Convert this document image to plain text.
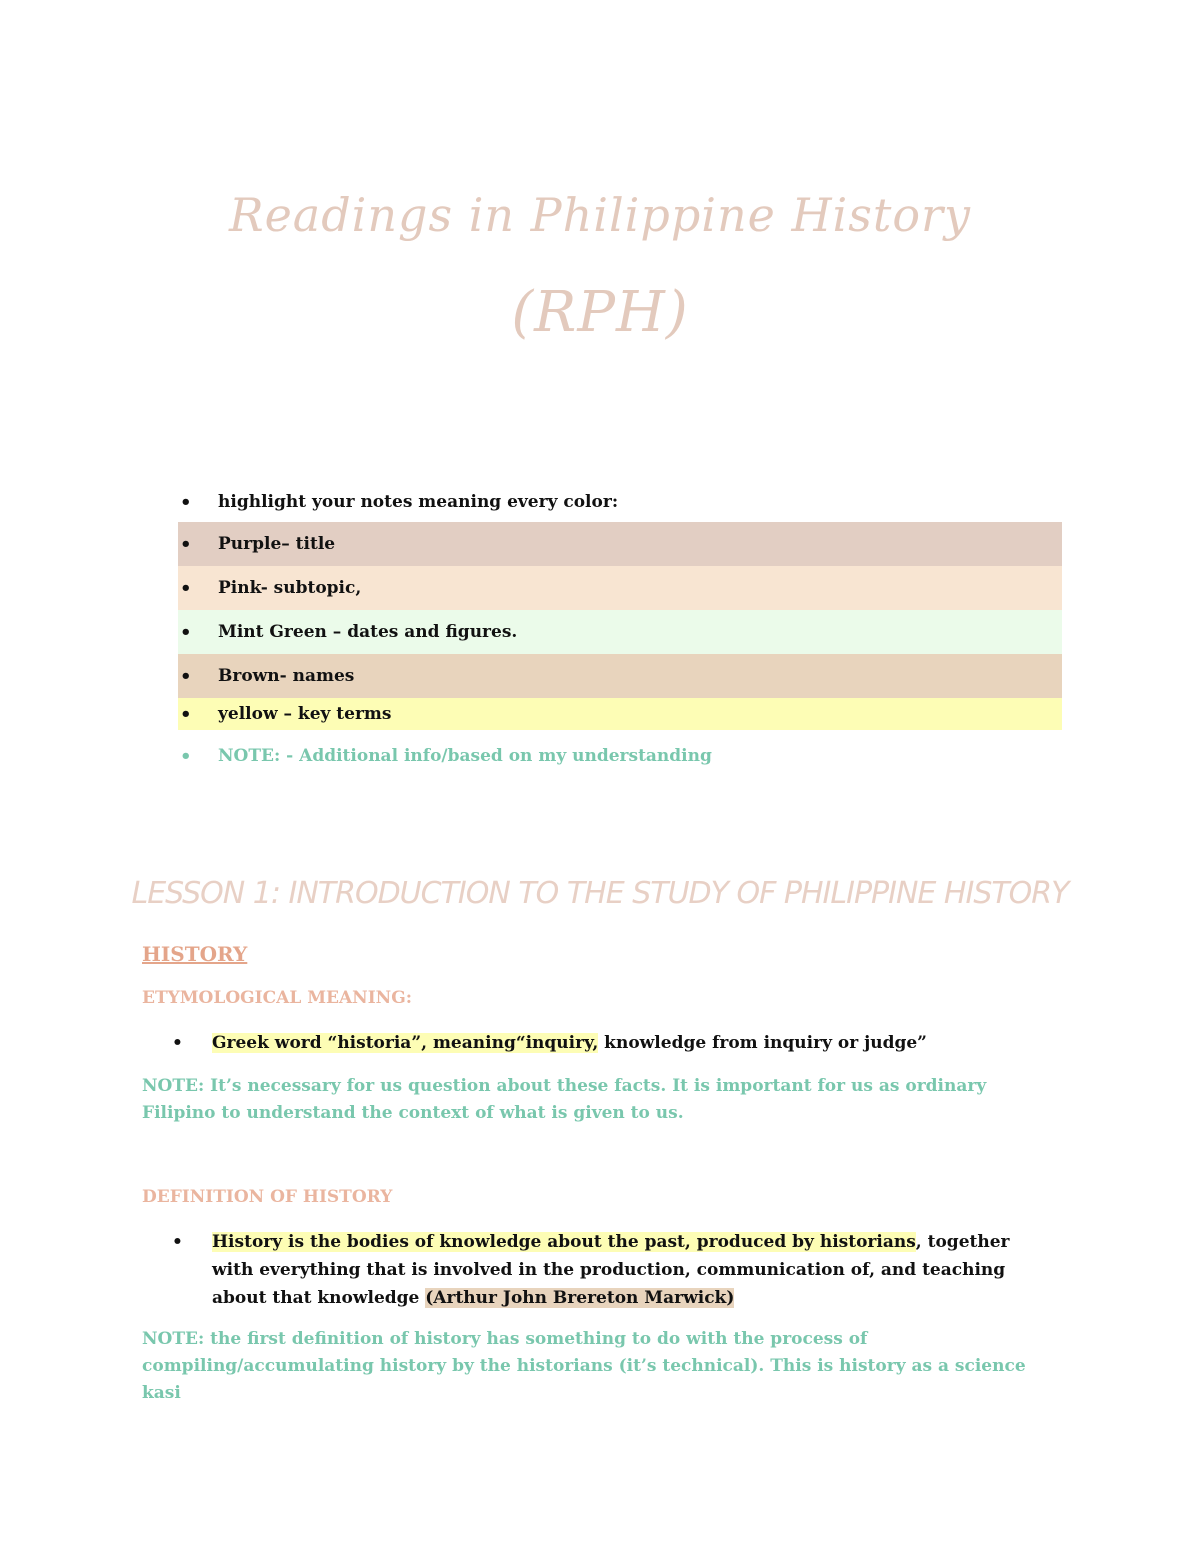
Readings in Philippine History
(RPH)
•	highlight your notes meaning every color:
•	Purple– title
•	Pink- subtopic,
•	Mint Green – dates and figures.
•	Brown- names
•	yellow – key terms
•	NOTE: - Additional info/based on my understanding
LESSON 1: INTRODUCTION TO THE STUDY OF PHILIPPINE HISTORY
HISTORY
ETYMOLOGICAL MEANING:
•	Greek word “historia”, meaning“inquiry, knowledge from inquiry or judge”
NOTE: It’s necessary for us question about these facts. It is important for us as ordinary Filipino to understand the context of what is given to us.
DEFINITION OF HISTORY
•	History is the bodies of knowledge about the past, produced by historians, together with everything that is involved in the production, communication of, and teaching about that knowledge (Arthur John Brereton Marwick)
NOTE: the first definition of history has something to do with the process of compiling/accumulating history by the historians (it’s technical). This is history as a science kasi
